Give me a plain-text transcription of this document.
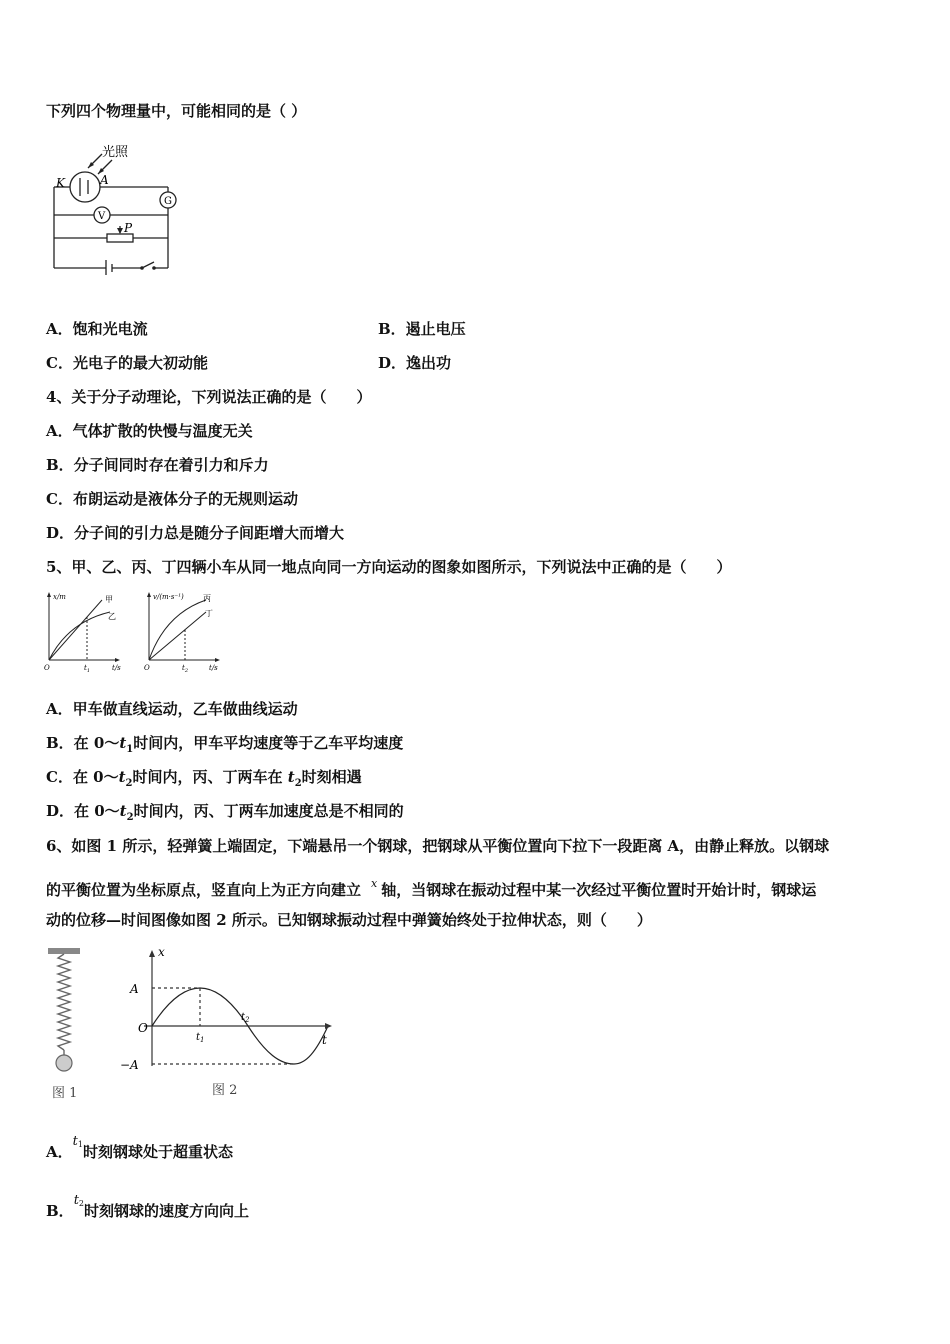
下列四个物理量中，可能相同的是（ ）
光照
K	A
G
V
P
A．饱和光电流	B．遏止电压
C．光电子的最大初动能	D．逸出功
4、关于分子动理论，下列说法正确的是（　　）
A．气体扩散的快慢与温度无关
B．分子间同时存在着引力和斥力
C．布朗运动是液体分子的无规则运动
D．分子间的引力总是随分子间距增大而增大
5、甲、乙、丙、丁四辆小车从同一地点向同一方向运动的图象如图所示，下列说法中正确的是（　　）
x/m	甲
乙
O	$t_1$	t/s
v/(m·s⁻¹) 丙
丁
O	$t_2$	t/s
A．甲车做直线运动，乙车做曲线运动
B．在 $0\sim t_1$时间内，甲车平均速度等于乙车平均速度
C．在 $0\sim t_2$时间内，丙、丁两车在 $t_2$时刻相遇
D．在 $0\sim t_2$时间内，丙、丁两车加速度总是不相同的
6、如图 1 所示，轻弹簧上端固定，下端悬吊一个钢球，把钢球从平衡位置向下拉下一段距离 A，由静止释放。以钢球
的平衡位置为坐标原点，竖直向上为正方向建立 $^x$ 轴，当钢球在振动过程中某一次经过平衡位置时开始计时，钢球运
动的位移—时间图像如图 2 所示。已知钢球振动过程中弹簧始终处于拉伸状态，则（　　）
图 1
x
A
O
−A
t
$t_1$
$t_2$
图 2
A．$t^1$时刻钢球处于超重状态
B．$t^2$时刻钢球的速度方向向上
